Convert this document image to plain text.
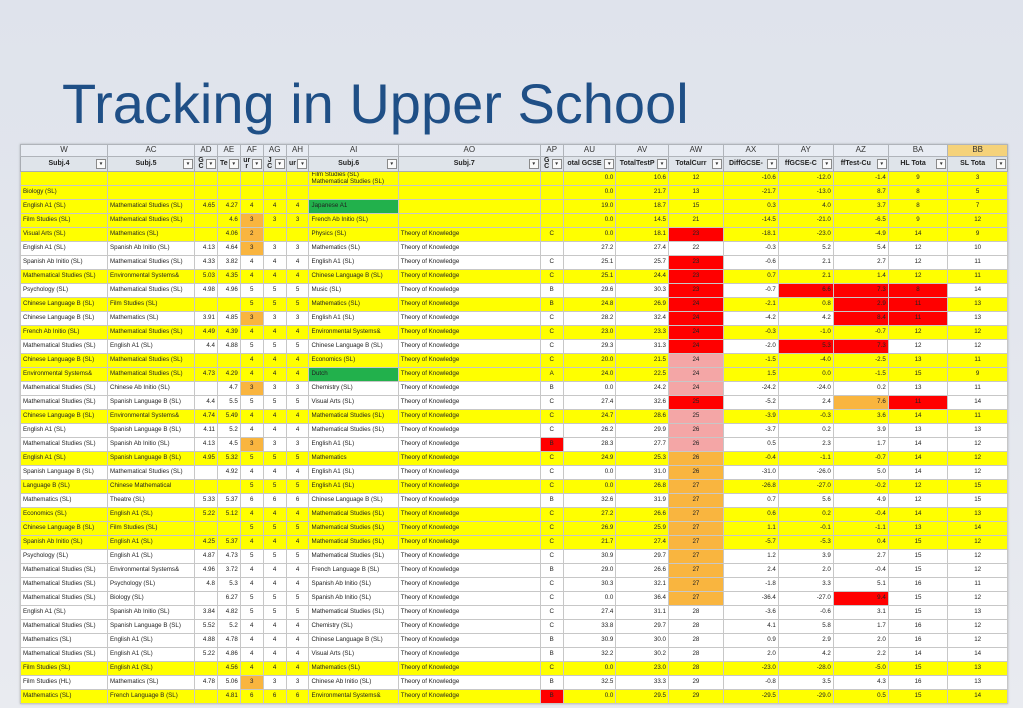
Tracking in Upper School
W	AC	AD	AE	AF	AG	AH	AI	AO	AP	AU	AV	AW	AX	AY	AZ	BA	BB
Subj.4 ▾	Subj.5 ▾	GC ▾	Te ▾	urr ▾	JC ▾	ur ▾	Subj.6 ▾	Subj.7 ▾	GC ▾	otal GCSE ▾	TotalTestP ▾	TotalCurr ▾	DiffGCSE- ▾	ffGCSE-C ▾	ffTest-Cu ▾	HL Tota ▾	SL Tota ▾

							Film Studies (SL) Mathematical Studies (SL)			0.0	10.6	12	-10.6	-12.0	-1.4	9	3
Biology (SL)										0.0	21.7	13	-21.7	-13.0	8.7	8	5
English A1 (SL)	Mathematical Studies (SL)	4.65	4.27	4	4	4	Japanese A1			19.0	18.7	15	0.3	4.0	3.7	8	7
Film Studies (SL)	Mathematical Studies (SL)		4.6	3	3	3	French Ab Initio (SL)			0.0	14.5	21	-14.5	-21.0	-6.5	9	12
Visual Arts (SL)	Mathematics (SL)		4.06	2			Physics (SL)	Theory of Knowledge	C	0.0	18.1	23	-18.1	-23.0	-4.9	14	9
English A1 (SL)	Spanish Ab Initio (SL)	4.13	4.64	3	3	3	Mathematics (SL)	Theory of Knowledge		27.2	27.4	22	-0.3	5.2	5.4	12	10
Spanish Ab Initio (SL)	Mathematical Studies (SL)	4.33	3.82	4	4	4	English A1 (SL)	Theory of Knowledge	C	25.1	25.7	23	-0.6	2.1	2.7	12	11
Mathematical Studies (SL)	Environmental Systems&	5.03	4.35	4	4	4	Chinese Language B (SL)	Theory of Knowledge	C	25.1	24.4	23	0.7	2.1	1.4	12	11
Psychology (SL)	Mathematical Studies (SL)	4.98	4.96	5	5	5	Music (SL)	Theory of Knowledge	B	29.6	30.3	23	-0.7	6.6	7.3	8	14
Chinese Language B (SL)	Film Studies (SL)			5	5	5	Mathematics (SL)	Theory of Knowledge	B	24.8	26.9	24	-2.1	0.8	2.9	11	13
Chinese Language B (SL)	Mathematics (SL)	3.91	4.85	3	3	3	English A1 (SL)	Theory of Knowledge	C	28.2	32.4	24	-4.2	4.2	8.4	11	13
French Ab Initio (SL)	Mathematical Studies (SL)	4.49	4.39	4	4	4	Environmental Systems&	Theory of Knowledge	C	23.0	23.3	24	-0.3	-1.0	-0.7	12	12
Mathematical Studies (SL)	English A1 (SL)	4.4	4.88	5	5	5	Chinese Language B (SL)	Theory of Knowledge	C	29.3	31.3	24	-2.0	5.3	7.3	12	12
Chinese Language B (SL)	Mathematical Studies (SL)			4	4	4	Economics (SL)	Theory of Knowledge	C	20.0	21.5	24	-1.5	-4.0	-2.5	13	11
Environmental Systems&	Mathematical Studies (SL)	4.73	4.29	4	4	4	Dutch	Theory of Knowledge	A	24.0	22.5	24	1.5	0.0	-1.5	15	9
Mathematical Studies (SL)	Chinese Ab Initio (SL)		4.7	3	3	3	Chemistry (SL)	Theory of Knowledge	B	0.0	24.2	24	-24.2	-24.0	0.2	13	11
Mathematical Studies (SL)	Spanish Language B (SL)	4.4	5.5	5	5	5	Visual Arts (SL)	Theory of Knowledge	C	27.4	32.6	25	-5.2	2.4	7.6	11	14
Chinese Language B (SL)	Environmental Systems&	4.74	5.49	4	4	4	Mathematical Studies (SL)	Theory of Knowledge	C	24.7	28.6	25	-3.9	-0.3	3.6	14	11
English A1 (SL)	Spanish Language B (SL)	4.11	5.2	4	4	4	Mathematical Studies (SL)	Theory of Knowledge	C	26.2	29.9	26	-3.7	0.2	3.9	13	13
Mathematical Studies (SL)	Spanish Ab Initio (SL)	4.13	4.5	3	3	3	English A1 (SL)	Theory of Knowledge	B	28.3	27.7	26	0.5	2.3	1.7	14	12
English A1 (SL)	Spanish Language B (SL)	4.95	5.32	5	5	5	Mathematics	Theory of Knowledge	C	24.9	25.3	26	-0.4	-1.1	-0.7	14	12
Spanish Language B (SL)	Mathematical Studies (SL)		4.92	4	4	4	English A1 (SL)	Theory of Knowledge	C	0.0	31.0	26	-31.0	-26.0	5.0	14	12
Language B (SL)	Chinese Mathematical			5	5	5	English A1 (SL)	Theory of Knowledge	C	0.0	26.8	27	-26.8	-27.0	-0.2	12	15
Mathematics (SL)	Theatre (SL)	5.33	5.37	6	6	6	Chinese Language B (SL)	Theory of Knowledge	B	32.6	31.9	27	0.7	5.6	4.9	12	15
Economics (SL)	English A1 (SL)	5.22	5.12	4	4	4	Mathematical Studies (SL)	Theory of Knowledge	C	27.2	26.6	27	0.6	0.2	-0.4	14	13
Chinese Language B (SL)	Film Studies (SL)			5	5	5	Mathematical Studies (SL)	Theory of Knowledge	C	26.9	25.9	27	1.1	-0.1	-1.1	13	14
Spanish Ab Initio (SL)	English A1 (SL)	4.25	5.37	4	4	4	Mathematical Studies (SL)	Theory of Knowledge	C	21.7	27.4	27	-5.7	-5.3	0.4	15	12
Psychology (SL)	English A1 (SL)	4.87	4.73	5	5	5	Mathematical Studies (SL)	Theory of Knowledge	C	30.9	29.7	27	1.2	3.9	2.7	15	12
Mathematical Studies (SL)	Environmental Systems&	4.96	3.72	4	4	4	French Language B (SL)	Theory of Knowledge	B	29.0	26.6	27	2.4	2.0	-0.4	15	12
Mathematical Studies (SL)	Psychology (SL)	4.8	5.3	4	4	4	Spanish Ab Initio (SL)	Theory of Knowledge	C	30.3	32.1	27	-1.8	3.3	5.1	16	11
Mathematical Studies (SL)	Biology (SL)		6.27	5	5	5	Spanish Ab Initio (SL)	Theory of Knowledge	C	0.0	36.4	27	-36.4	-27.0	9.4	15	12
English A1 (SL)	Spanish Ab Initio (SL)	3.84	4.82	5	5	5	Mathematical Studies (SL)	Theory of Knowledge	C	27.4	31.1	28	-3.6	-0.6	3.1	15	13
Mathematical Studies (SL)	Spanish Language B (SL)	5.52	5.2	4	4	4	Chemistry (SL)	Theory of Knowledge	C	33.8	29.7	28	4.1	5.8	1.7	16	12
Mathematics (SL)	English A1 (SL)	4.88	4.78	4	4	4	Chinese Language B (SL)	Theory of Knowledge	B	30.9	30.0	28	0.9	2.9	2.0	16	12
Mathematical Studies (SL)	English A1 (SL)	5.22	4.86	4	4	4	Visual Arts (SL)	Theory of Knowledge	B	32.2	30.2	28	2.0	4.2	2.2	14	14
Film Studies (SL)	English A1 (SL)		4.56	4	4	4	Mathematics (SL)	Theory of Knowledge	C	0.0	23.0	28	-23.0	-28.0	-5.0	15	13
Film Studies (HL)	Mathematics (SL)	4.78	5.06	3	3	3	Chinese Ab Initio (SL)	Theory of Knowledge	B	32.5	33.3	29	-0.8	3.5	4.3	16	13
Mathematics (SL)	French Language B (SL)		4.81	6	6	6	Environmental Systems&	Theory of Knowledge	B	0.0	29.5	29	-29.5	-29.0	0.5	15	14
